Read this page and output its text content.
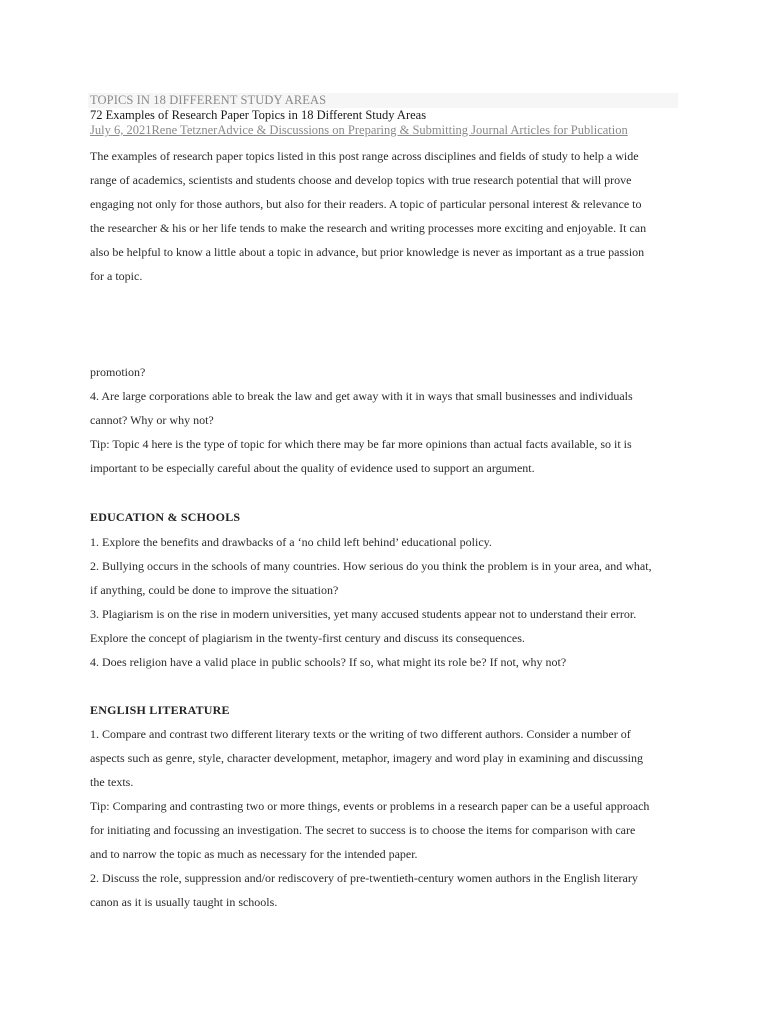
TOPICS IN 18 DIFFERENT STUDY AREAS
72 Examples of Research Paper Topics in 18 Different Study Areas
July 6, 2021Rene TetznerAdvice & Discussions on Preparing & Submitting Journal Articles for Publication

The examples of research paper topics listed in this post range across disciplines and fields of study to help a wide

range of academics, scientists and students choose and develop topics with true research potential that will prove

engaging not only for those authors, but also for their readers. A topic of particular personal interest & relevance to

the researcher & his or her life tends to make the research and writing processes more exciting and enjoyable. It can

also be helpful to know a little about a topic in advance, but prior knowledge is never as important as a true passion

for a topic.

promotion?

4. Are large corporations able to break the law and get away with it in ways that small businesses and individuals

cannot? Why or why not?

Tip: Topic 4 here is the type of topic for which there may be far more opinions than actual facts available, so it is

important to be especially careful about the quality of evidence used to support an argument.

EDUCATION & SCHOOLS

1. Explore the benefits and drawbacks of a ‘no child left behind’ educational policy.

2. Bullying occurs in the schools of many countries. How serious do you think the problem is in your area, and what,

if anything, could be done to improve the situation?

3. Plagiarism is on the rise in modern universities, yet many accused students appear not to understand their error.

Explore the concept of plagiarism in the twenty-first century and discuss its consequences.

4. Does religion have a valid place in public schools? If so, what might its role be? If not, why not?

ENGLISH LITERATURE

1. Compare and contrast two different literary texts or the writing of two different authors. Consider a number of

aspects such as genre, style, character development, metaphor, imagery and word play in examining and discussing

the texts.

Tip: Comparing and contrasting two or more things, events or problems in a research paper can be a useful approach

for initiating and focussing an investigation. The secret to success is to choose the items for comparison with care

and to narrow the topic as much as necessary for the intended paper.

2. Discuss the role, suppression and/or rediscovery of pre-twentieth-century women authors in the English literary

canon as it is usually taught in schools.
